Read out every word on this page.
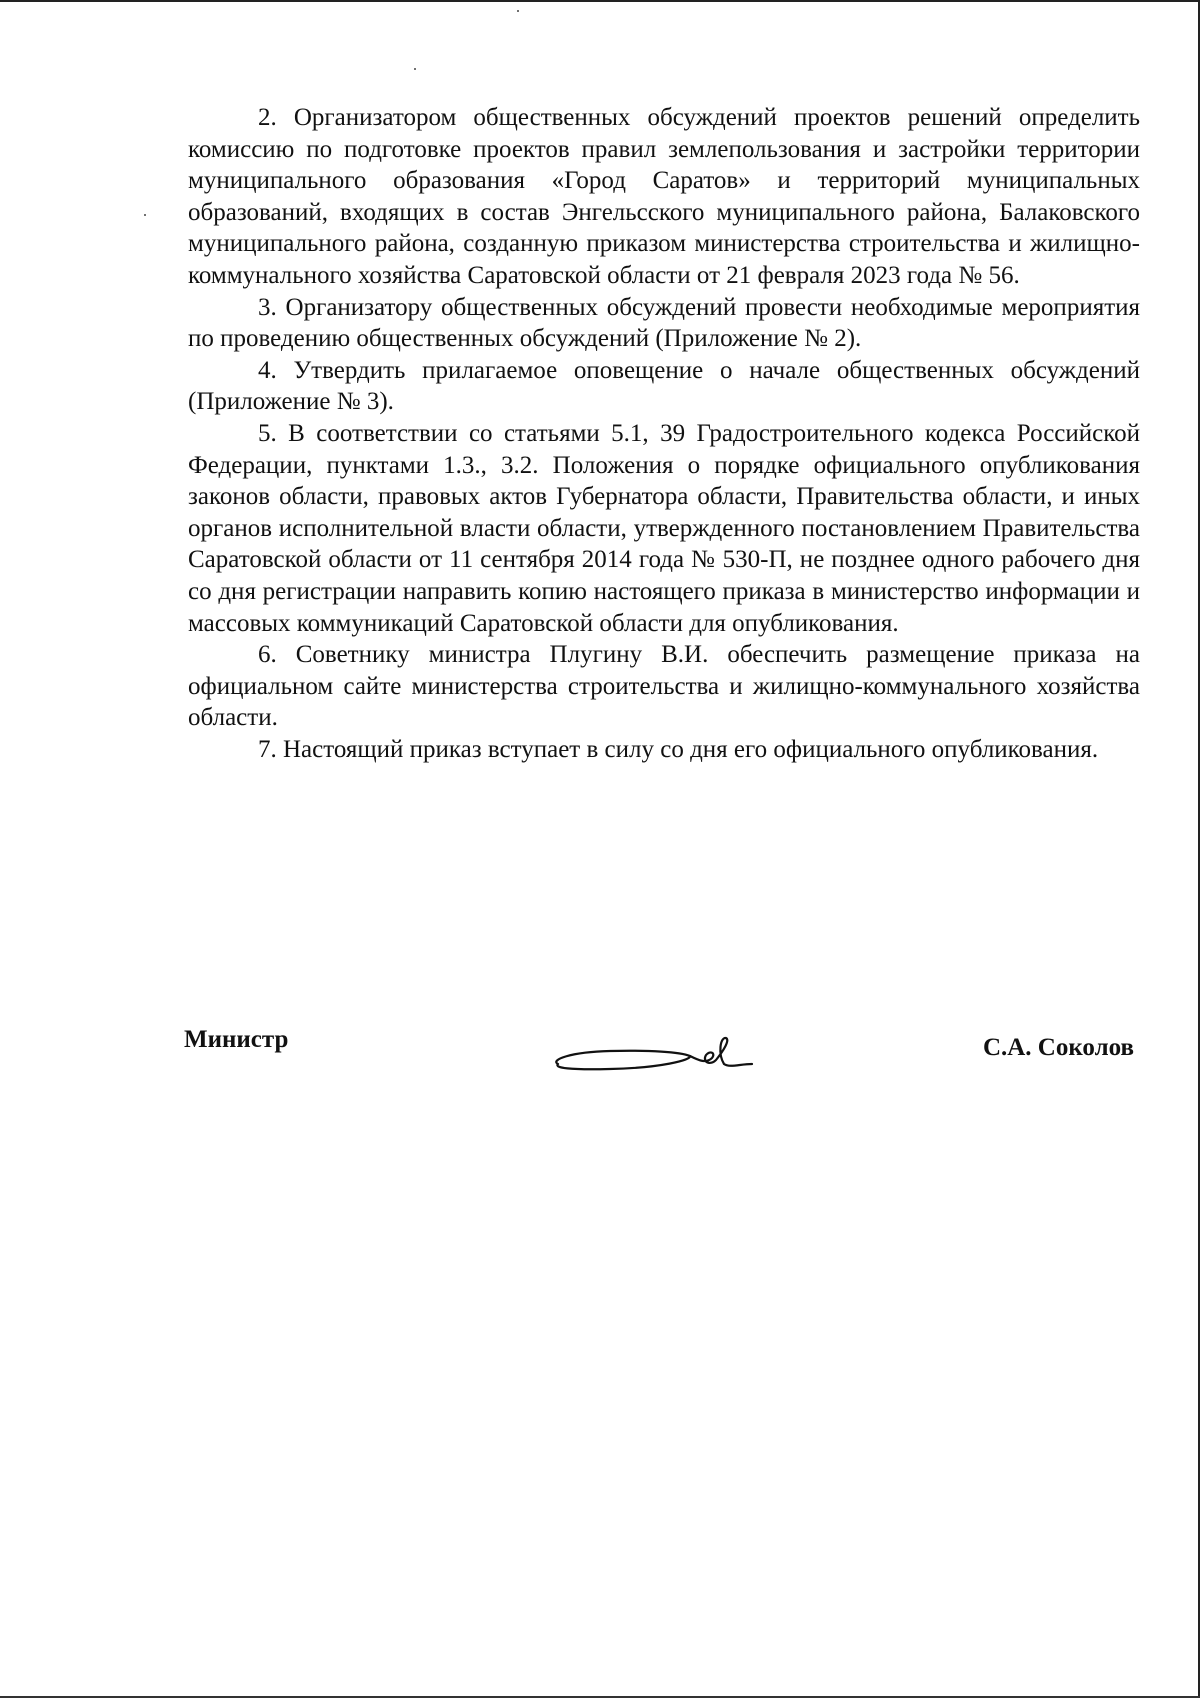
2. Организатором общественных обсуждений проектов решений определить комиссию по подготовке проектов правил землепользования и застройки территории муниципального образования «Город Саратов» и территорий муниципальных образований, входящих в состав Энгельсского муниципального района, Балаковского муниципального района, созданную приказом министерства строительства и жилищно-коммунального хозяйства Саратовской области от 21 февраля 2023 года № 56.

3. Организатору общественных обсуждений провести необходимые мероприятия по проведению общественных обсуждений (Приложение № 2).

4. Утвердить прилагаемое оповещение о начале общественных обсуждений (Приложение № 3).

5. В соответствии со статьями 5.1, 39 Градостроительного кодекса Российской Федерации, пунктами 1.3., 3.2. Положения о порядке официального опубликования законов области, правовых актов Губернатора области, Правительства области, и иных органов исполнительной власти области, утвержденного постановлением Правительства Саратовской области от 11 сентября 2014 года № 530-П, не позднее одного рабочего дня со дня регистрации направить копию настоящего приказа в министерство информации и массовых коммуникаций Саратовской области для опубликования.

6. Советнику министра Плугину В.И. обеспечить размещение приказа на официальном сайте министерства строительства и жилищно-коммунального хозяйства области.

7. Настоящий приказ вступает в силу со дня его официального опубликования.

Министр	С.А. Соколов
